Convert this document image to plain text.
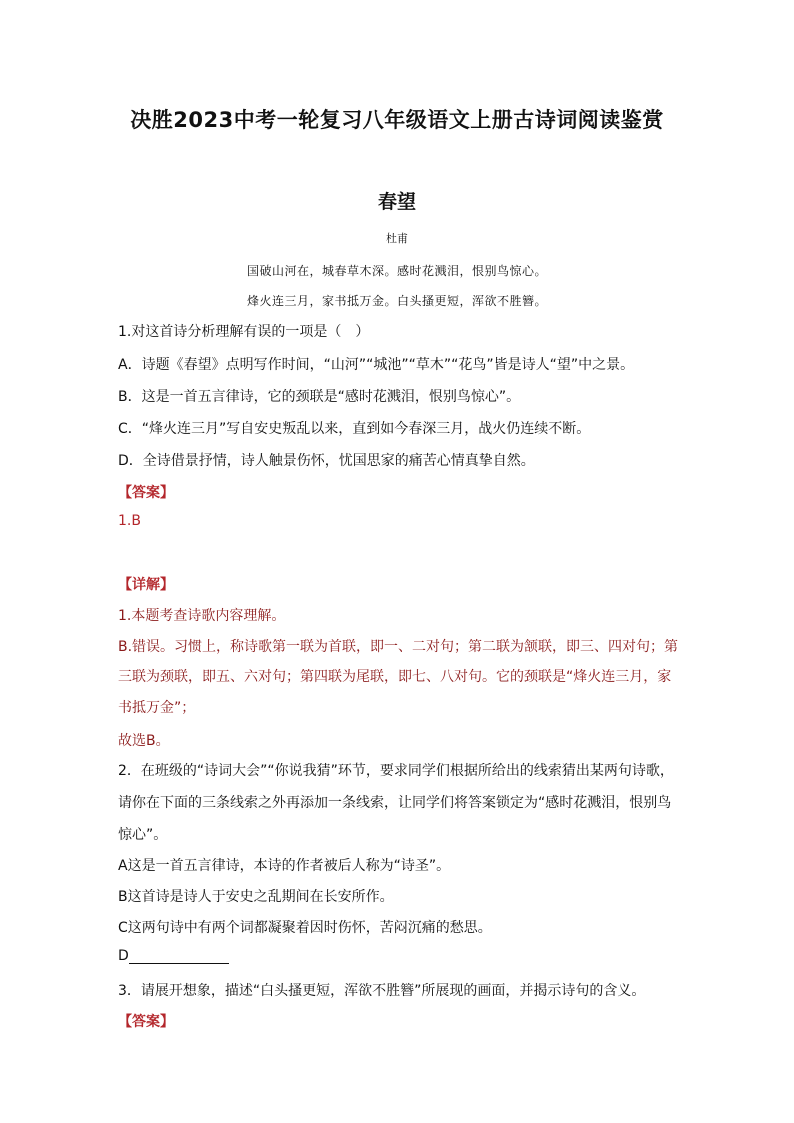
决胜2023中考一轮复习八年级语文上册古诗词阅读鉴赏
春望
杜甫
国破山河在，城春草木深。感时花溅泪，恨别鸟惊心。
烽火连三月，家书抵万金。白头搔更短，浑欲不胜簪。
1.对这首诗分析理解有误的一项是（　）
A．诗题《春望》点明写作时间，“山河”“城池”“草木”“花鸟”皆是诗人“望”中之景。
B．这是一首五言律诗，它的颈联是“感时花溅泪，恨别鸟惊心”。
C．“烽火连三月”写自安史叛乱以来，直到如今春深三月，战火仍连续不断。
D．全诗借景抒情，诗人触景伤怀，忧国思家的痛苦心情真挚自然。
【答案】
1.B
【详解】
1.本题考查诗歌内容理解。
B.错误。习惯上，称诗歌第一联为首联，即一、二对句；第二联为颔联，即三、四对句；第
三联为颈联，即五、六对句；第四联为尾联，即七、八对句。它的颈联是“烽火连三月，家
书抵万金”；
故选B。
2．在班级的“诗词大会”“你说我猜”环节，要求同学们根据所给出的线索猜出某两句诗歌，
请你在下面的三条线索之外再添加一条线索，让同学们将答案锁定为“感时花溅泪，恨别鸟
惊心”。
A这是一首五言律诗，本诗的作者被后人称为“诗圣”。
B这首诗是诗人于安史之乱期间在长安所作。
C这两句诗中有两个词都凝聚着因时伤怀，苦闷沉痛的愁思。
D
3．请展开想象，描述“白头搔更短，浑欲不胜簪”所展现的画面，并揭示诗句的含义。
【答案】
